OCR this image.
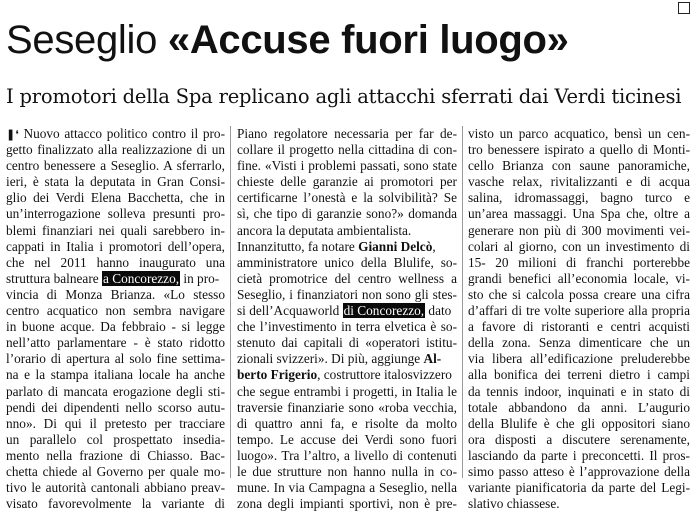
Seseglio «Accuse fuori luogo»
I promotori della Spa replicano agli attacchi sferrati dai Verdi ticinesi
❚❛ Nuovo attacco politico contro il pro-
getto finalizzato alla realizzazione di un
centro benessere a Seseglio. A sferrarlo,
ieri, è stata la deputata in Gran Consi-
glio dei Verdi Elena Bacchetta, che in
un’interrogazione solleva presunti pro-
blemi finanziari nei quali sarebbero in-
cappati in Italia i promotori dell’opera,
che nel 2011 hanno inaugurato una
struttura balneare a Concorezzo, in pro-
vincia di Monza Brianza. «Lo stesso
centro acquatico non sembra navigare
in buone acque. Da febbraio - si legge
nell’atto parlamentare - è stato ridotto
l’orario di apertura al solo fine settima-
na e la stampa italiana locale ha anche
parlato di mancata erogazione degli sti-
pendi dei dipendenti nello scorso autu-
nno». Di qui il pretesto per tracciare
un parallelo col prospettato insedia-
mento nella frazione di Chiasso. Bac-
chetta chiede al Governo per quale mo-
tivo le autorità cantonali abbiano preav-
visato favorevolmente la variante di
Piano regolatore necessaria per far de-
collare il progetto nella cittadina di con-
fine. «Visti i problemi passati, sono state
chieste delle garanzie ai promotori per
certificarne l’onestà e la solvibilità? Se
sì, che tipo di garanzie sono?» domanda
ancora la deputata ambientalista.
Innanzitutto, fa notare Gianni Delcò,
amministratore unico della Blulife, so-
cietà promotrice del centro wellness a
Seseglio, i finanziatori non sono gli stes-
si dell’Acquaworld di Concorezzo, dato
che l’investimento in terra elvetica è so-
stenuto dai capitali di «operatori istitu-
zionali svizzeri». Di più, aggiunge Al-
berto Frigerio, costruttore italosvizzero
che segue entrambi i progetti, in Italia le
traversie finanziarie sono «roba vecchia,
di quattro anni fa, e risolte da molto
tempo. Le accuse dei Verdi sono fuori
luogo». Tra l’altro, a livello di contenuti
le due strutture non hanno nulla in co-
mune. In via Campagna a Seseglio, nella
zona degli impianti sportivi, non è pre-
visto un parco acquatico, bensì un cen-
tro benessere ispirato a quello di Monti-
cello Brianza con saune panoramiche,
vasche relax, rivitalizzanti e di acqua
salina, idromassaggi, bagno turco e
un’area massaggi. Una Spa che, oltre a
generare non più di 300 movimenti vei-
colari al giorno, con un investimento di
15- 20 milioni di franchi porterebbe
grandi benefici all’economia locale, vi-
sto che si calcola possa creare una cifra
d’affari di tre volte superiore alla propria
a favore di ristoranti e centri acquisti
della zona. Senza dimenticare che un
via libera all’edificazione preluderebbe
alla bonifica dei terreni dietro i campi
da tennis indoor, inquinati e in stato di
totale abbandono da anni. L’augurio
della Blulife è che gli oppositori siano
ora disposti a discutere serenamente,
lasciando da parte i preconcetti. Il pros-
simo passo atteso è l’approvazione della
variante pianificatoria da parte del Legi-
slativo chiassese.
